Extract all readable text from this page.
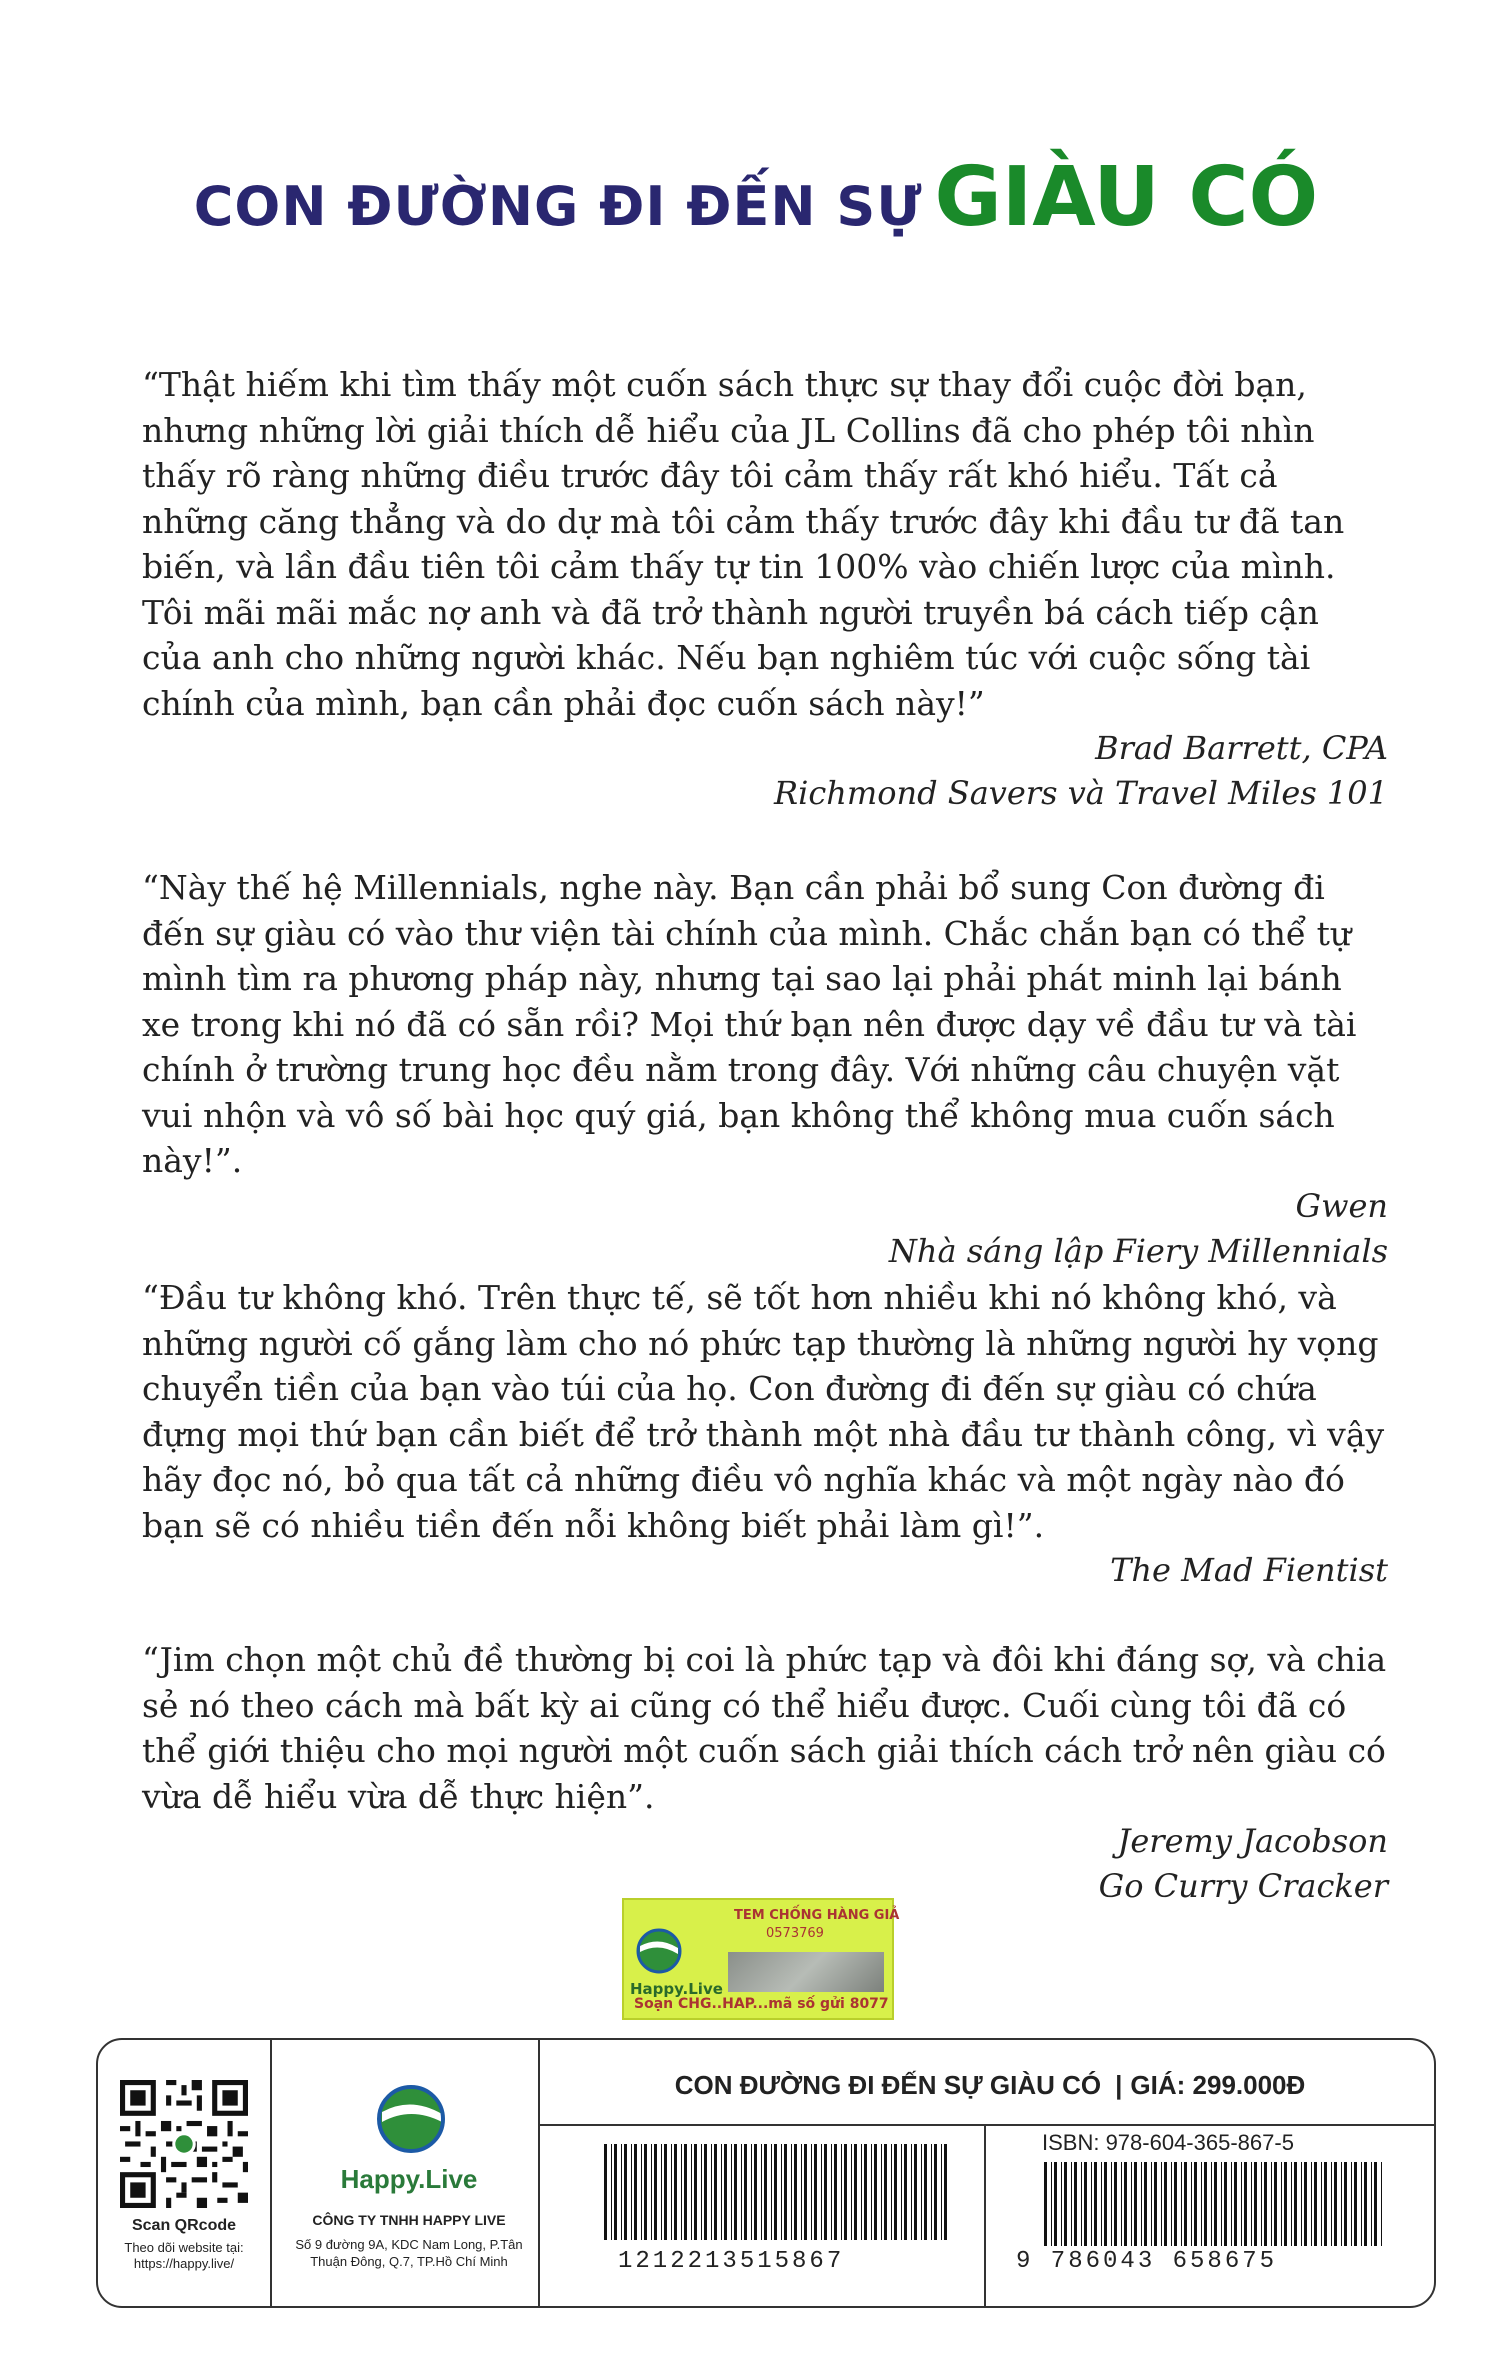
CON ĐƯỜNG ĐI ĐẾN SỰ GIÀU CÓ

“Thật hiếm khi tìm thấy một cuốn sách thực sự thay đổi cuộc đời bạn, nhưng những lời giải thích dễ hiểu của JL Collins đã cho phép tôi nhìn thấy rõ ràng những điều trước đây tôi cảm thấy rất khó hiểu. Tất cả những căng thẳng và do dự mà tôi cảm thấy trước đây khi đầu tư đã tan biến, và lần đầu tiên tôi cảm thấy tự tin 100% vào chiến lược của mình. Tôi mãi mãi mắc nợ anh và đã trở thành người truyền bá cách tiếp cận của anh cho những người khác. Nếu bạn nghiêm túc với cuộc sống tài chính của mình, bạn cần phải đọc cuốn sách này!”

Brad Barrett, CPA

Richmond Savers và Travel Miles 101

“Này thế hệ Millennials, nghe này. Bạn cần phải bổ sung Con đường đi đến sự giàu có vào thư viện tài chính của mình. Chắc chắn bạn có thể tự mình tìm ra phương pháp này, nhưng tại sao lại phải phát minh lại bánh xe trong khi nó đã có sẵn rồi? Mọi thứ bạn nên được dạy về đầu tư và tài chính ở trường trung học đều nằm trong đây. Với những câu chuyện vặt vui nhộn và vô số bài học quý giá, bạn không thể không mua cuốn sách này!”.

Gwen

Nhà sáng lập Fiery Millennials

“Đầu tư không khó. Trên thực tế, sẽ tốt hơn nhiều khi nó không khó, và những người cố gắng làm cho nó phức tạp thường là những người hy vọng chuyển tiền của bạn vào túi của họ. Con đường đi đến sự giàu có chứa đựng mọi thứ bạn cần biết để trở thành một nhà đầu tư thành công, vì vậy hãy đọc nó, bỏ qua tất cả những điều vô nghĩa khác và một ngày nào đó bạn sẽ có nhiều tiền đến nỗi không biết phải làm gì!”.

The Mad Fientist

“Jim chọn một chủ đề thường bị coi là phức tạp và đôi khi đáng sợ, và chia sẻ nó theo cách mà bất kỳ ai cũng có thể hiểu được. Cuối cùng tôi đã có thể giới thiệu cho mọi người một cuốn sách giải thích cách trở nên giàu có vừa dễ hiểu vừa dễ thực hiện”.

Jeremy Jacobson

Go Curry Cracker

Happy.Live
TEM CHỐNG HÀNG GIẢ
0573769
Soạn CHG..HAP...mã số gửi 8077
Scan QRcode
Theo dõi website tại: https://happy.live/
Happy.Live
CÔNG TY TNHH HAPPY LIVE
Số 9 đường 9A, KDC Nam Long, P.Tân Thuận Đông, Q.7, TP.Hồ Chí Minh
CON ĐƯỜNG ĐI ĐẾN SỰ GIÀU CÓ | GIÁ: 299.000Đ
1212213515867
ISBN: 978-604-365-867-5
9 786043 658675
